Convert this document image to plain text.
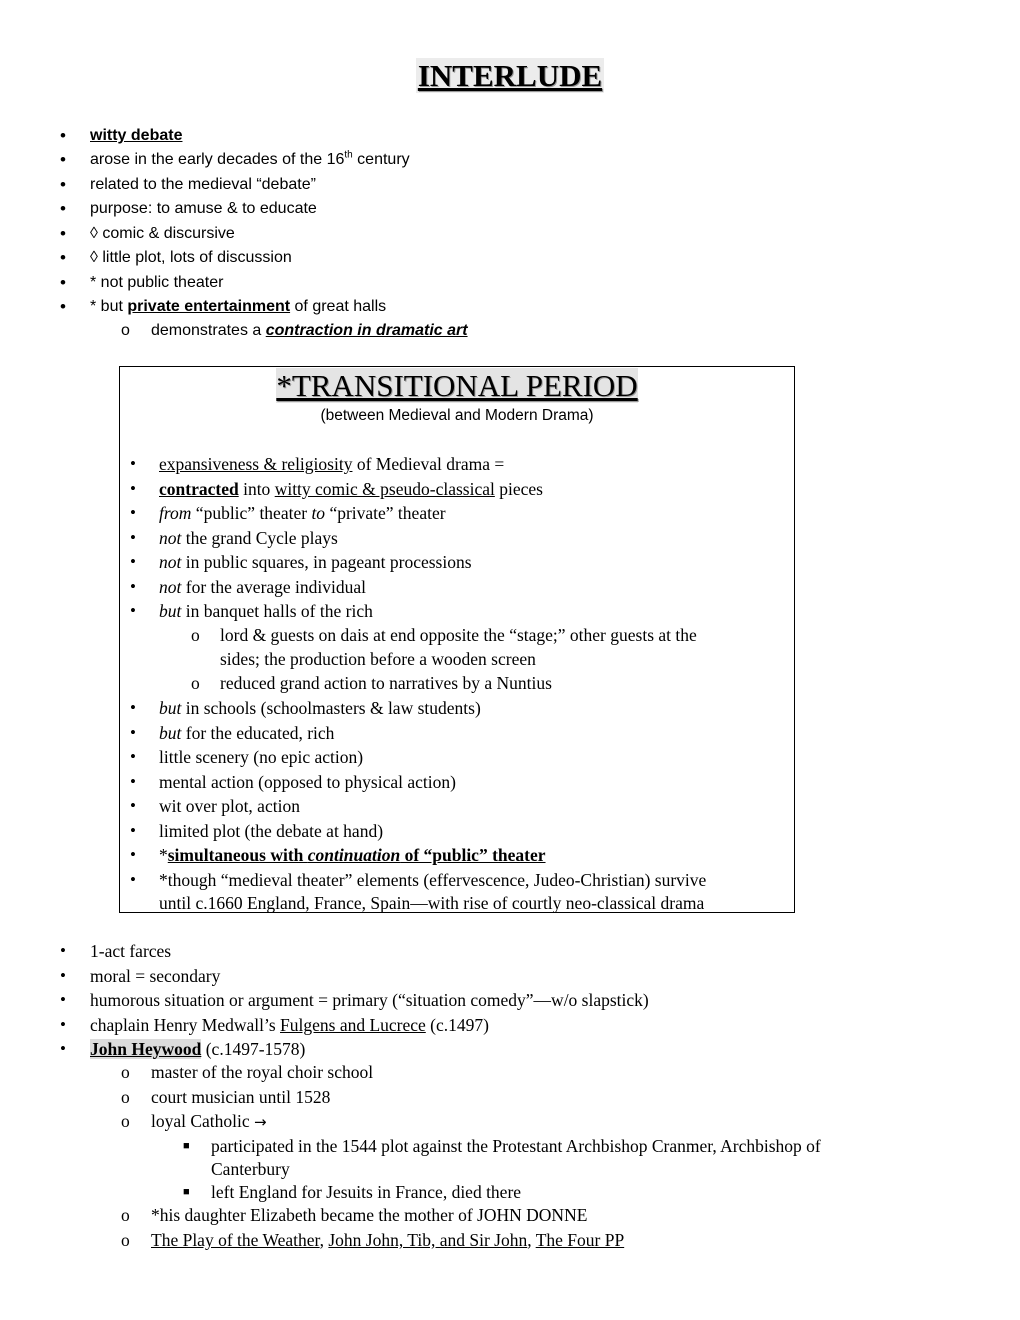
INTERLUDE
•
witty debate
•
arose in the early decades of the 16th century
•
related to the medieval “debate”
•
purpose: to amuse & to educate
•
◊ comic & discursive
•
◊ little plot, lots of discussion
•
* not public theater
•
* but private entertainment of great halls
o demonstrates a contraction in dramatic art
*TRANSITIONAL PERIOD
(between Medieval and Modern Drama)
•
expansiveness & religiosity of Medieval drama =
•
contracted into witty comic & pseudo-classical pieces
•
from “public” theater to “private” theater
•
not the grand Cycle plays
•
not in public squares, in pageant processions
•
not for the average individual
•
but in banquet halls of the rich
o lord & guests on dais at end opposite the “stage;” other guests at the
sides; the production before a wooden screen
o reduced grand action to narratives by a Nuntius
•
but in schools (schoolmasters & law students)
•
but for the educated, rich
•
little scenery (no epic action)
•
mental action (opposed to physical action)
•
wit over plot, action
•
limited plot (the debate at hand)
•
*simultaneous with continuation of “public” theater
•
*though “medieval theater” elements (effervescence, Judeo-Christian) survive
until c.1660 England, France, Spain—with rise of courtly neo-classical drama
•
1-act farces
•
moral = secondary
•
humorous situation or argument = primary (“situation comedy”—w/o slapstick)
•
chaplain Henry Medwall’s Fulgens and Lucrece (c.1497)
•
John Heywood (c.1497-1578)
o master of the royal choir school
o court musician until 1528
o loyal Catholic →
■ participated in the 1544 plot against the Protestant Archbishop Cranmer, Archbishop of
Canterbury
■ left England for Jesuits in France, died there
o *his daughter Elizabeth became the mother of JOHN DONNE
o The Play of the Weather, John John, Tib, and Sir John, The Four PP
